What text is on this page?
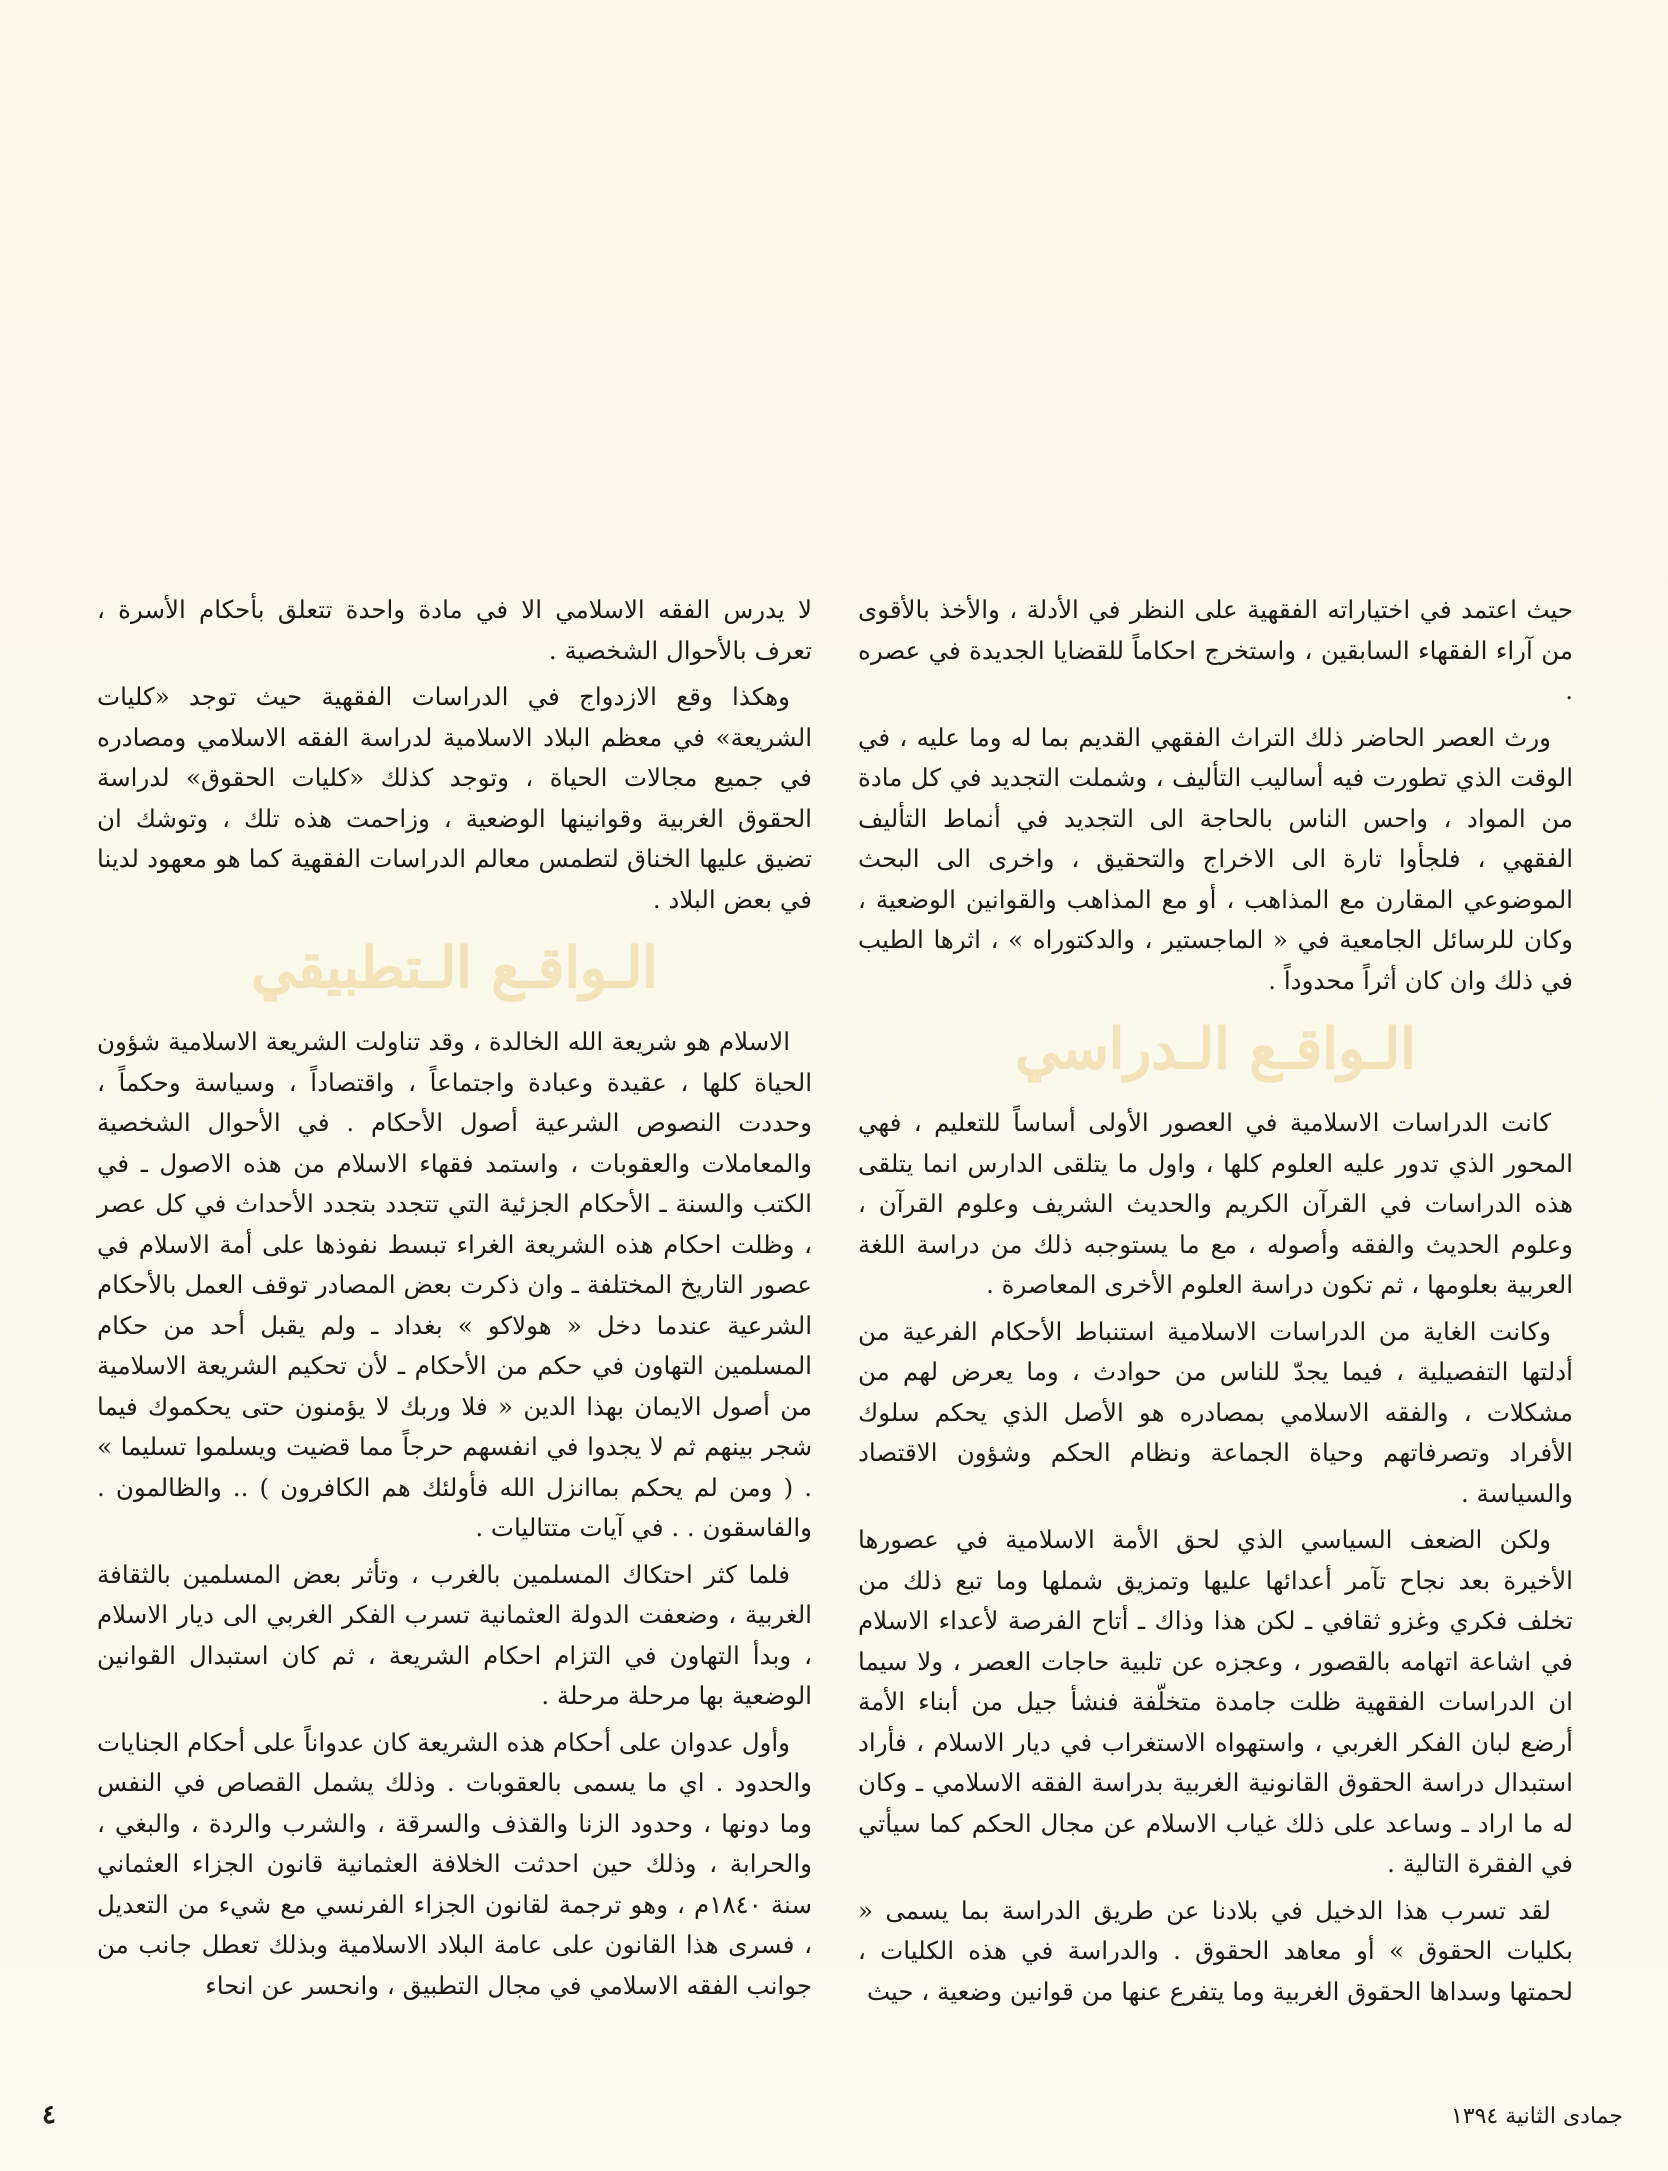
حيث اعتمد في اختياراته الفقهية على النظر في الأدلة ، والأخذ بالأقوى من آراء الفقهاء السابقين ، واستخرج احكاماً للقضايا الجديدة في عصره .

ورث العصر الحاضر ذلك التراث الفقهي القديم بما له وما عليه ، في الوقت الذي تطورت فيه أساليب التأليف ، وشملت التجديد في كل مادة من المواد ، واحس الناس بالحاجة الى التجديد في أنماط التأليف الفقهي ، فلجأوا تارة الى الاخراج والتحقيق ، واخرى الى البحث الموضوعي المقارن مع المذاهب ، أو مع المذاهب والقوانين الوضعية ، وكان للرسائل الجامعية في « الماجستير ، والدكتوراه » ، اثرها الطيب في ذلك وان كان أثراً محدوداً .

الـواقـع الـدراسي

كانت الدراسات الاسلامية في العصور الأولى أساساً للتعليم ، فهي المحور الذي تدور عليه العلوم كلها ، واول ما يتلقى الدارس انما يتلقى هذه الدراسات في القرآن الكريم والحديث الشريف وعلوم القرآن ، وعلوم الحديث والفقه وأصوله ، مع ما يستوجبه ذلك من دراسة اللغة العربية بعلومها ، ثم تكون دراسة العلوم الأخرى المعاصرة .

وكانت الغاية من الدراسات الاسلامية استنباط الأحكام الفرعية من أدلتها التفصيلية ، فيما يجدّ للناس من حوادث ، وما يعرض لهم من مشكلات ، والفقه الاسلامي بمصادره هو الأصل الذي يحكم سلوك الأفراد وتصرفاتهم وحياة الجماعة ونظام الحكم وشؤون الاقتصاد والسياسة .

ولكن الضعف السياسي الذي لحق الأمة الاسلامية في عصورها الأخيرة بعد نجاح تآمر أعدائها عليها وتمزيق شملها وما تبع ذلك من تخلف فكري وغزو ثقافي ـ لكن هذا وذاك ـ أتاح الفرصة لأعداء الاسلام في اشاعة اتهامه بالقصور ، وعجزه عن تلبية حاجات العصر ، ولا سيما ان الدراسات الفقهية ظلت جامدة متخلّفة فنشأ جيل من أبناء الأمة أرضع لبان الفكر الغربي ، واستهواه الاستغراب في ديار الاسلام ، فأراد استبدال دراسة الحقوق القانونية الغربية بدراسة الفقه الاسلامي ـ وكان له ما اراد ـ وساعد على ذلك غياب الاسلام عن مجال الحكم كما سيأتي في الفقرة التالية .

لقد تسرب هذا الدخيل في بلادنا عن طريق الدراسة بما يسمى « بكليات الحقوق » أو معاهد الحقوق . والدراسة في هذه الكليات ، لحمتها وسداها الحقوق الغربية وما يتفرع عنها من قوانين وضعية ، حيث

لا يدرس الفقه الاسلامي الا في مادة واحدة تتعلق بأحكام الأسرة ، تعرف بالأحوال الشخصية .

وهكذا وقع الازدواج في الدراسات الفقهية حيث توجد «كليات الشريعة» في معظم البلاد الاسلامية لدراسة الفقه الاسلامي ومصادره في جميع مجالات الحياة ، وتوجد كذلك «كليات الحقوق» لدراسة الحقوق الغربية وقوانينها الوضعية ، وزاحمت هذه تلك ، وتوشك ان تضيق عليها الخناق لتطمس معالم الدراسات الفقهية كما هو معهود لدينا في بعض البلاد .

الـواقـع الـتطبيقي

الاسلام هو شريعة الله الخالدة ، وقد تناولت الشريعة الاسلامية شؤون الحياة كلها ، عقيدة وعبادة واجتماعاً ، واقتصاداً ، وسياسة وحكماً ، وحددت النصوص الشرعية أصول الأحكام . في الأحوال الشخصية والمعاملات والعقوبات ، واستمد فقهاء الاسلام من هذه الاصول ـ في الكتب والسنة ـ الأحكام الجزئية التي تتجدد بتجدد الأحداث في كل عصر ، وظلت احكام هذه الشريعة الغراء تبسط نفوذها على أمة الاسلام في عصور التاريخ المختلفة ـ وان ذكرت بعض المصادر توقف العمل بالأحكام الشرعية عندما دخل « هولاكو » بغداد ـ ولم يقبل أحد من حكام المسلمين التهاون في حكم من الأحكام ـ لأن تحكيم الشريعة الاسلامية من أصول الايمان بهذا الدين « فلا وربك لا يؤمنون حتى يحكموك فيما شجر بينهم ثم لا يجدوا في انفسهم حرجاً مما قضيت ويسلموا تسليما » . ( ومن لم يحكم بماانزل الله فأولئك هم الكافرون ) .. والظالمون . والفاسقون . . في آيات متتاليات .

فلما كثر احتكاك المسلمين بالغرب ، وتأثر بعض المسلمين بالثقافة الغربية ، وضعفت الدولة العثمانية تسرب الفكر الغربي الى ديار الاسلام ، وبدأ التهاون في التزام احكام الشريعة ، ثم كان استبدال القوانين الوضعية بها مرحلة مرحلة .

وأول عدوان على أحكام هذه الشريعة كان عدواناً على أحكام الجنايات والحدود . اي ما يسمى بالعقوبات . وذلك يشمل القصاص في النفس وما دونها ، وحدود الزنا والقذف والسرقة ، والشرب والردة ، والبغي ، والحرابة ، وذلك حين احدثت الخلافة العثمانية قانون الجزاء العثماني سنة ١٨٤٠م ، وهو ترجمة لقانون الجزاء الفرنسي مع شيء من التعديل ، فسرى هذا القانون على عامة البلاد الاسلامية وبذلك تعطل جانب من جوانب الفقه الاسلامي في مجال التطبيق ، وانحسر عن انحاء

٤	جمادى الثانية ١٣٩٤
